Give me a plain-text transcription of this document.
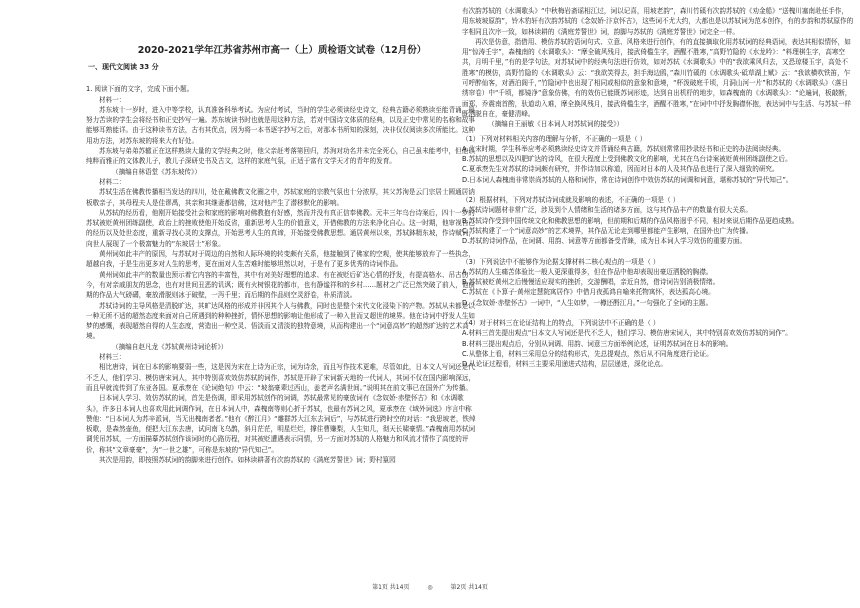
2020-2021学年江苏省苏州市高一（上）质检语文试卷（12月份）
一、现代文阅读 33 分

1. 阅读下面的文字，完成下面小题。

材料一：

苏东坡十一岁时，进入中等学校，认真准备科举考试。为应付考试，当时的学生必须读经史诗文，经典古籍必须熟读至能背诵，最努力苦读的学生会将经书和正史抄写一遍。苏东坡读书时也就是用这种方法，若对中国诗文体质的经典，以及正史中常见的名称和故事能够耳熟能详。由于这种读书方法，古有其优点，因为将一本书逐字抄写之后，对那本书所知的深刻，决非仅仅阅读多次所能比。这种用功方法，对苏东坡的将来大有好处。

苏东坡与弟弟苏辙正在这样熟读大量的文学经典之时，他父亲赶考落第回归，苏洵对功名并未完全死心，自己虽未能考中，但他以纯粹而雅正的文体教儿子，教儿子深研史书及古文，这样的家庭气氛，正适于富有文学天才的青年的发育。

（摘编自林语堂《苏东坡传》）

材料二：

苏轼生活在佛教传播相当发达的四川，处在戴佛教文化圈之中，苏轼家庭的宗教气氛也十分浓厚，其父苏洵是云门宗居士圆通居讷板敬亲子，其母程夫人是佳谬禹，其亲和其继妻都信佛，这对他产生了潜移默化的影响。

从苏轼的经历看，他刚开始接受社会和家庭的影响对佛教抱有好感，然而并没有真正信奉佛教。元丰三年乌台诗案后，四十一岁的苏轼被贬黄州团练副使，政治上的挫败使他开始反省，重新思考人生的价值意义，开借佛教的方法来净化自心。这一时期，他审视自己的经历以及处世态度，重新寻找心灵的支撑点，开始思考人生的真谛，开始接受佛教思想。通居黄州以来，苏轼鉢精东坡，作诗赋词，向世人展现了一个极富魅力的“东坡居士”形象。

黄州词如此丰产的原因，与苏轼对于周边的自然和人际环境的转变颇有关系，他接触到了佛家的空观，使其能够放弃了一些执念，超越自我，于是生出更多对人生的思考，更在面对人生苦难时能够坦然以对，于是有了更多优秀的诗词作品。

黄州词如此丰产的数量也预示着它内容的丰富性，其中有对美好理想的追求、有在被贬后矿达心情的抒发，有提高格水、吊古伤今，有对亲戚朋友的思念，也有对世间丑恶的讥讽；既有火树银花的都市，也有静谧祥和的乡村……题材之广泛已然突破了前人，他前期的作品大气磅礴，豪放滑脱则冰于破壁，一泻千里；而后期的作品则空灵舒卷，朴质清淡。

苏轼诗词的主导风格是清脱旷达，其旷达风格的形成并非因其个人与佛教，同时也是整个宋代文化浸染下的产物。苏轼从未都是以一种无所不适的超然态度来面对自己所遇到的种种挫折，情怀思想的影响让他形成了一种入世而又超世的境界。他在诗词中抒发人生如梦的感慨，表现超然自得的人生态度，营造出一种空灵、悟淡而又清淡的独特意境，从而构建出一个“词意高妙”的超然旷达的艺术高境。

（摘编自赵凡龙《苏轼黄州诗词论析》）

材料三：

相比唐诗，词在日本的影响要弱一些，这是因为宋在上诗为正宗，词为诗余，而且写作技术更难，尽管如此，日本文人写词还是代不乏人，他们学习、模仿唐宋词人，其中特别喜欢效仿苏轼的词作，苏轼是开辟了宋词新天地的一代词人，其词不仅在国内影响深远，而且早就流传到了东亚各国。夏承焘在《论词绝句》中云：“坡翁豪辈过西山，姜老声名满世间。”说明其在前文事已在国外广为传播。

日本词人学习、效仿苏轼的词，首先是伤调，即采用苏轼创作的词调，苏轼最常见的豪放词有《念奴娇·赤壁怀古》和《水调歌头》，许多日本词人也喜欢用此词调作词，在日本词人中，森槐南等则心折于苏轼，也最有苏词之风，夏承焘在《域外词选》序言中称赞他：“日本词人为苏辛派词，当无出槐南者者。”他有《醉江月》“雕群苏大江东去词后”，与苏轼进行跨时空的对话：“我思坡老，铁绰板歌，是森然壶鱼，便把大江东去唐，试问南飞乌鹊，斜月茫茫，明星烂烂，撑住曹赚梨，人生知几，彻天长啸豪情。”森槐南用苏轼词调凭吊苏轼，一方面描摹苏轼创作该词时的心路历程，对其被贬遭遇表示同情，另一方面对苏轼的人格魅力和风流才情作了高度的评价，称其“文章豪豪”，为“一世之雄”，可称是东坡的“异代知己”。

其次是用韵，即按照苏轼词的韵脚来进行创作。如林读耕著有次韵苏轼的《满庭芳誓世》词；野村篁园

有次韵苏轼的《水调歌头》“中秋梅岩斋谣相江过，词以记喜，用坡老韵”，森川竹磎有次韵苏轼的《劝金船》“送槐川塞南赴任手作，用东坡坡原韵”，铃木豹轩有次韵苏轼的《念奴娇·汴京怀古》，这些词不尤大约，大都也是以苏轼词为范本创作，有的步韵和苏轼原作的字相同且次序一致，如林读耕的《满庭芳誓世》词，韵脚与苏轼的《满庭芳誓世》词完全一样。

再次是仿意，指借用、模仿苏轼的语词句式、立意、风格来进行创作，有的直接摘取化用苏轼词的经典语词，表达其相似情怀，如用“惊涛壬宇”，森槐南的《水调歌头》：“摩全破风残月，接武倚槛生字，酒醒不胜寒，”高野竹隐的《水龙吟》：“料理棋生字，高寒空共，月明千里，”有的是学句法，对苏轼词中的经典句法进行仿效，如对苏轼《水调歌头》中的“我欲乘风归去，又恐琼楼玉宇，高处不胜寒”的模仿，高野竹隐的《水调歌头》云：“我欲笑得去，担手海边鸥，”森川竹磎的《水调歌头·砥草湖上赋》云：“我欲横吹铁笛，乍可呼醉仙客，对酒泊阁千，”竹隐词中也出现了相同或相似的意象和意境，“杯泼破庭千顷，月洞山河一片”和苏轼的《水调歌头》（落日绣帘卷）中“千顷，都镜净”意象仿佛，有的效仿已能既苏词形迹，达到自出机杼的地步，如森槐南的《水调歌头》：“论遍词，板敲断，面郑，乔震南首酌，驮道动入难，摩全换风残月，接武倚槛生字，酒醒不胜寒，”在词中中抒发胸襟怀抱，表达词中与生活、与苏轼一样既洒脱自在，豪健清峰。

（摘编自王丽敏《日本词人对苏轼词的接受》）

（1）下列对材料相关内容的理解与分析，不正确的一项是（ ）

A.北宋时期，学生科举应考必须熟读经史诗文并背诵经典古籍，苏轼则常常用抄录经书和正史的办法阅读经典。

B.苏轼的思想以及四肥旷达的诗风，在很大程度上受到佛教文化的影响，尤其在乌台诗案被贬黄州团练副使之后。

C.夏承焘先生对苏轼的诗词颇有研究，并作诗加以称道，因而对日本的人及其作品也进行了深入细致的研究。

D.日本词人森槐南非常崇尚苏轼的人格和词作，常在诗词创作中效仿苏轼的词调和词意，堪称苏轼的“异代知己”。

（2）根据材料，下列对苏轼诗词成就及影响的表述，不正确的一项是（ ）

A.苏轼诗词题材非常广泛，涉及到个人情绪和生活的诸多方面，这与其作品丰产的数量有很大关系。

B.苏轼诗作受到中国传统文化和佛教思想的影响，但前期和后期的作品风格迥乎不同，相对来说后期作品更趋成熟。

C.苏轼构建了一个“词意高妙”的艺术境界，其作品无论走到哪里都能产生影响，在国外也广为传播。

D.苏轼的诗词作品，在词调、用韵、词意等方面都备受青睐，成为日本词人学习效仿的重要方面。

（3）下列说法中不能够作为论据支撑材料二核心观点的一项是（ ）

A.苏轼的人生痛苦体验比一般人更深重得多，但在作品中他却表现出豪迈洒脱的胸襟。

B.苏轼被贬黄州之后慢慢适应现实的挫折，交游酬唱，亲近自然，借诗词告别消极情绪。

C.苏轼在《卜算子·黄州定慧院寓居作》中借月夜孤鸿自喻来托物寓怀，表达孤高心境。

D.《念奴娇·赤壁怀古》一词中，“人生如梦，一樽还酹江月。”一句强化了全词的主题。

（4）对于材料三在论证结构上的特点，下列说法中不正确的是（ ）

A.材料三首先提出观点“日本文人写词还是代不乏人，他们学习、模仿唐宋词人，其中特别喜欢效仿苏轼的词作”。

B.材料三提出观点后，分别从词调、用韵、词意三方面举例论述，证明苏轼词在日本的影响。

C.从整体上看，材料三采用总分的结构形式，先总提观点，然后从不同角度进行论证。

D.从论证过程看，材料三主要采用递进式结构，层层递进，深化论点。

第1页 共14页	◎	第2页 共14页
